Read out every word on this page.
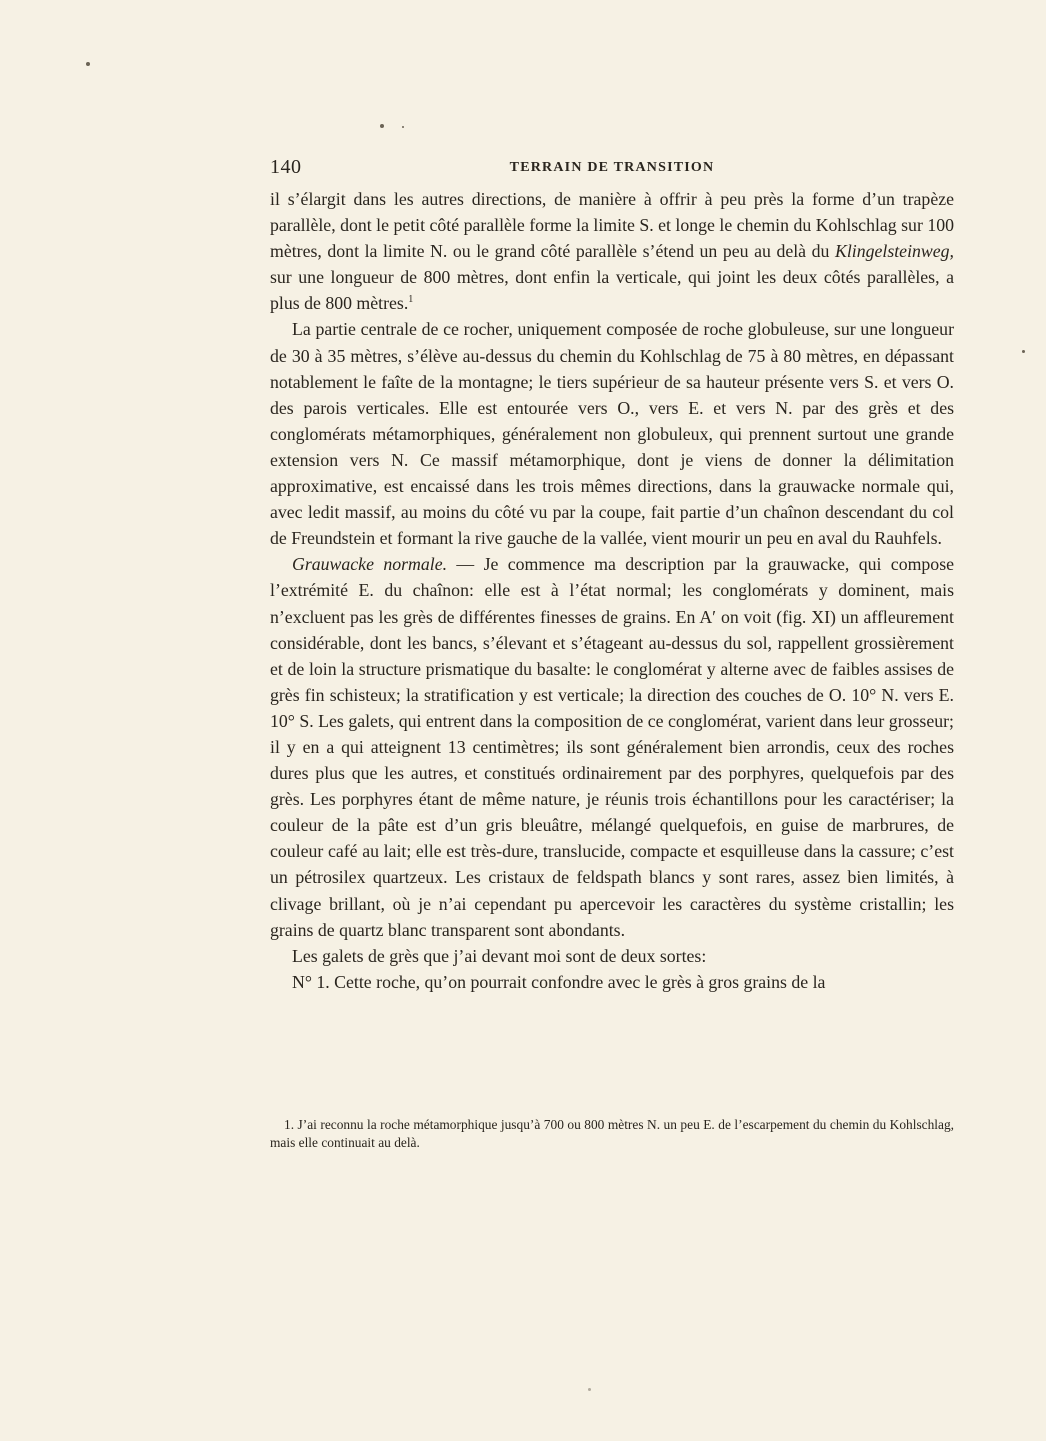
140	TERRAIN DE TRANSITION

il s’élargit dans les autres directions, de manière à offrir à peu près la forme d’un trapèze parallèle, dont le petit côté parallèle forme la limite S. et longe le chemin du Kohlschlag sur 100 mètres, dont la limite N. ou le grand côté parallèle s’étend un peu au delà du Klingelsteinweg, sur une longueur de 800 mètres, dont enfin la verticale, qui joint les deux côtés parallèles, a plus de 800 mètres.$^1$

La partie centrale de ce rocher, uniquement composée de roche globuleuse, sur une longueur de 30 à 35 mètres, s’élève au-dessus du chemin du Kohlschlag de 75 à 80 mètres, en dépassant notablement le faîte de la montagne; le tiers supérieur de sa hauteur présente vers S. et vers O. des parois verticales. Elle est entourée vers O., vers E. et vers N. par des grès et des conglomérats métamorphiques, généralement non globuleux, qui prennent surtout une grande extension vers N. Ce massif métamorphique, dont je viens de donner la délimitation approximative, est encaissé dans les trois mêmes directions, dans la grauwacke normale qui, avec ledit massif, au moins du côté vu par la coupe, fait partie d’un chaînon descendant du col de Freundstein et formant la rive gauche de la vallée, vient mourir un peu en aval du Rauhfels.

Grauwacke normale. — Je commence ma description par la grauwacke, qui compose l’extrémité E. du chaînon: elle est à l’état normal; les conglomérats y dominent, mais n’excluent pas les grès de différentes finesses de grains. En A′ on voit (fig. XI) un affleurement considérable, dont les bancs, s’élevant et s’étageant au-dessus du sol, rappellent grossièrement et de loin la structure prismatique du basalte: le conglomérat y alterne avec de faibles assises de grès fin schisteux; la stratification y est verticale; la direction des couches de O. 10° N. vers E. 10° S. Les galets, qui entrent dans la composition de ce conglomérat, varient dans leur grosseur; il y en a qui atteignent 13 centimètres; ils sont généralement bien arrondis, ceux des roches dures plus que les autres, et constitués ordinairement par des porphyres, quelquefois par des grès. Les porphyres étant de même nature, je réunis trois échantillons pour les caractériser; la couleur de la pâte est d’un gris bleuâtre, mélangé quelquefois, en guise de marbrures, de couleur café au lait; elle est très-dure, translucide, compacte et esquilleuse dans la cassure; c’est un pétrosilex quartzeux. Les cristaux de feldspath blancs y sont rares, assez bien limités, à clivage brillant, où je n’ai cependant pu apercevoir les caractères du système cristallin; les grains de quartz blanc transparent sont abondants.

Les galets de grès que j’ai devant moi sont de deux sortes:

N° 1. Cette roche, qu’on pourrait confondre avec le grès à gros grains de la

1. J’ai reconnu la roche métamorphique jusqu’à 700 ou 800 mètres N. un peu E. de l’escarpement du chemin du Kohlschlag, mais elle continuait au delà.
